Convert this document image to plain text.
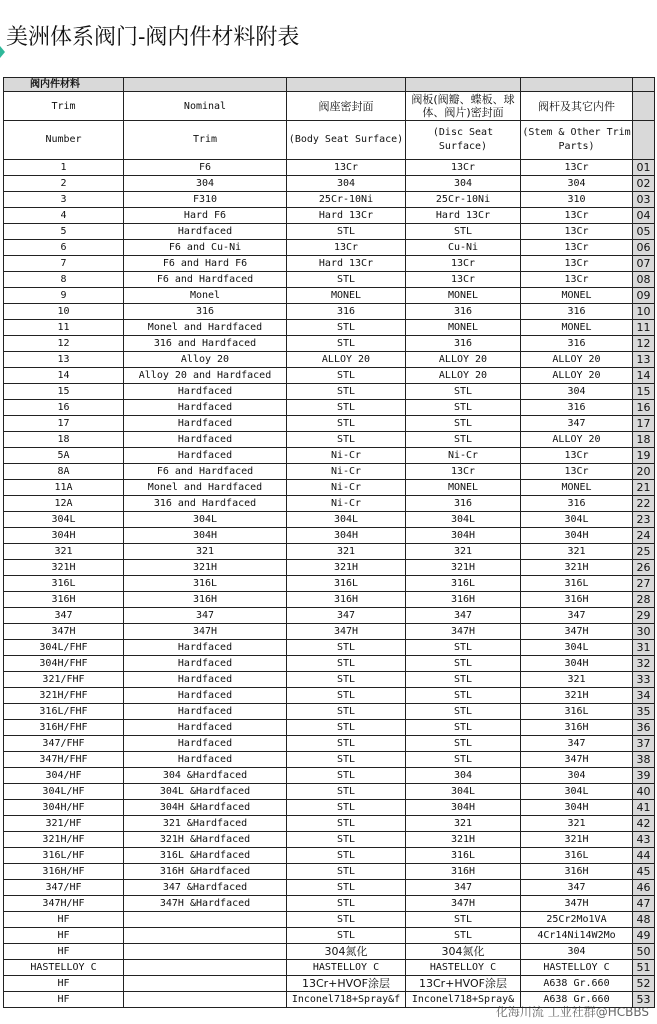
美洲体系阀门-阀内件材料附表
阀内件材料					
Trim	Nominal	阀座密封面	阀板(阀瓣、蝶板、球体、阀片)密封面	阀杆及其它内件	
Number	Trim	(Body Seat Surface)	(Disc Seat Surface)	(Stem & Other Trim Parts)	
1	F6	13Cr	13Cr	13Cr	01
2	304	304	304	304	02
3	F310	25Cr-10Ni	25Cr-10Ni	310	03
4	Hard F6	Hard 13Cr	Hard 13Cr	13Cr	04
5	Hardfaced	STL	STL	13Cr	05
6	F6 and Cu-Ni	13Cr	Cu-Ni	13Cr	06
7	F6 and Hard F6	Hard 13Cr	13Cr	13Cr	07
8	F6 and Hardfaced	STL	13Cr	13Cr	08
9	Monel	MONEL	MONEL	MONEL	09
10	316	316	316	316	10
11	Monel and Hardfaced	STL	MONEL	MONEL	11
12	316 and Hardfaced	STL	316	316	12
13	Alloy 20	ALLOY 20	ALLOY 20	ALLOY 20	13
14	Alloy 20 and Hardfaced	STL	ALLOY 20	ALLOY 20	14
15	Hardfaced	STL	STL	304	15
16	Hardfaced	STL	STL	316	16
17	Hardfaced	STL	STL	347	17
18	Hardfaced	STL	STL	ALLOY 20	18
5A	Hardfaced	Ni-Cr	Ni-Cr	13Cr	19
8A	F6 and Hardfaced	Ni-Cr	13Cr	13Cr	20
11A	Monel and Hardfaced	Ni-Cr	MONEL	MONEL	21
12A	316 and Hardfaced	Ni-Cr	316	316	22
304L	304L	304L	304L	304L	23
304H	304H	304H	304H	304H	24
321	321	321	321	321	25
321H	321H	321H	321H	321H	26
316L	316L	316L	316L	316L	27
316H	316H	316H	316H	316H	28
347	347	347	347	347	29
347H	347H	347H	347H	347H	30
304L/FHF	Hardfaced	STL	STL	304L	31
304H/FHF	Hardfaced	STL	STL	304H	32
321/FHF	Hardfaced	STL	STL	321	33
321H/FHF	Hardfaced	STL	STL	321H	34
316L/FHF	Hardfaced	STL	STL	316L	35
316H/FHF	Hardfaced	STL	STL	316H	36
347/FHF	Hardfaced	STL	STL	347	37
347H/FHF	Hardfaced	STL	STL	347H	38
304/HF	304 &Hardfaced	STL	304	304	39
304L/HF	304L &Hardfaced	STL	304L	304L	40
304H/HF	304H &Hardfaced	STL	304H	304H	41
321/HF	321 &Hardfaced	STL	321	321	42
321H/HF	321H &Hardfaced	STL	321H	321H	43
316L/HF	316L &Hardfaced	STL	316L	316L	44
316H/HF	316H &Hardfaced	STL	316H	316H	45
347/HF	347 &Hardfaced	STL	347	347	46
347H/HF	347H &Hardfaced	STL	347H	347H	47
HF		STL	STL	25Cr2Mo1VA	48
HF		STL	STL	4Cr14Ni14W2Mo	49
HF		304氮化	304氮化	304	50
HASTELLOY C		HASTELLOY C	HASTELLOY C	HASTELLOY C	51
HF		13Cr+HVOF涂层	13Cr+HVOF涂层	A638 Gr.660	52
HF		Inconel718+Spray&f	Inconel718+Spray&	A638 Gr.660	53
化海川流 工业社群@HCBBS
